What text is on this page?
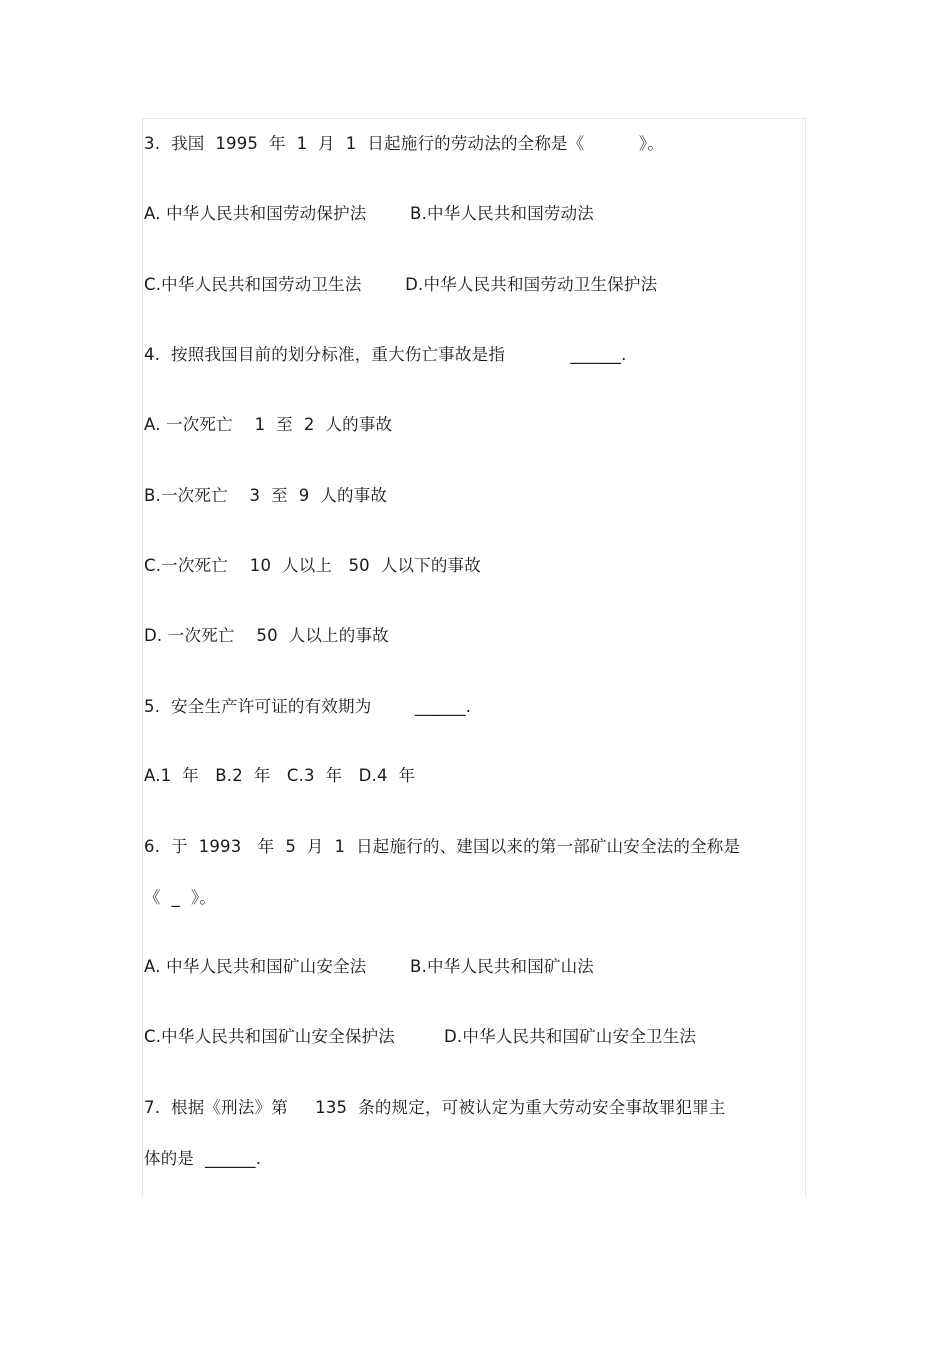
3.  我国  1995  年  1  月  1  日起施行的劳动法的全称是《          》。
A. 中华人民共和国劳动保护法        B.中华人民共和国劳动法
C.中华人民共和国劳动卫生法        D.中华人民共和国劳动卫生保护法
4.  按照我国目前的划分标准，重大伤亡事故是指            ______.
A. 一次死亡    1  至  2  人的事故
B.一次死亡    3  至  9  人的事故
C.一次死亡    10  人以上   50  人以下的事故
D. 一次死亡    50  人以上的事故
5.  安全生产许可证的有效期为        ______.
A.1  年   B.2  年   C.3  年   D.4  年
6.  于  1993   年  5  月  1  日起施行的、建国以来的第一部矿山安全法的全称是
《  _  》。
A. 中华人民共和国矿山安全法        B.中华人民共和国矿山法
C.中华人民共和国矿山安全保护法         D.中华人民共和国矿山安全卫生法
7.  根据《刑法》第     135  条的规定，可被认定为重大劳动安全事故罪犯罪主
体的是  ______.
